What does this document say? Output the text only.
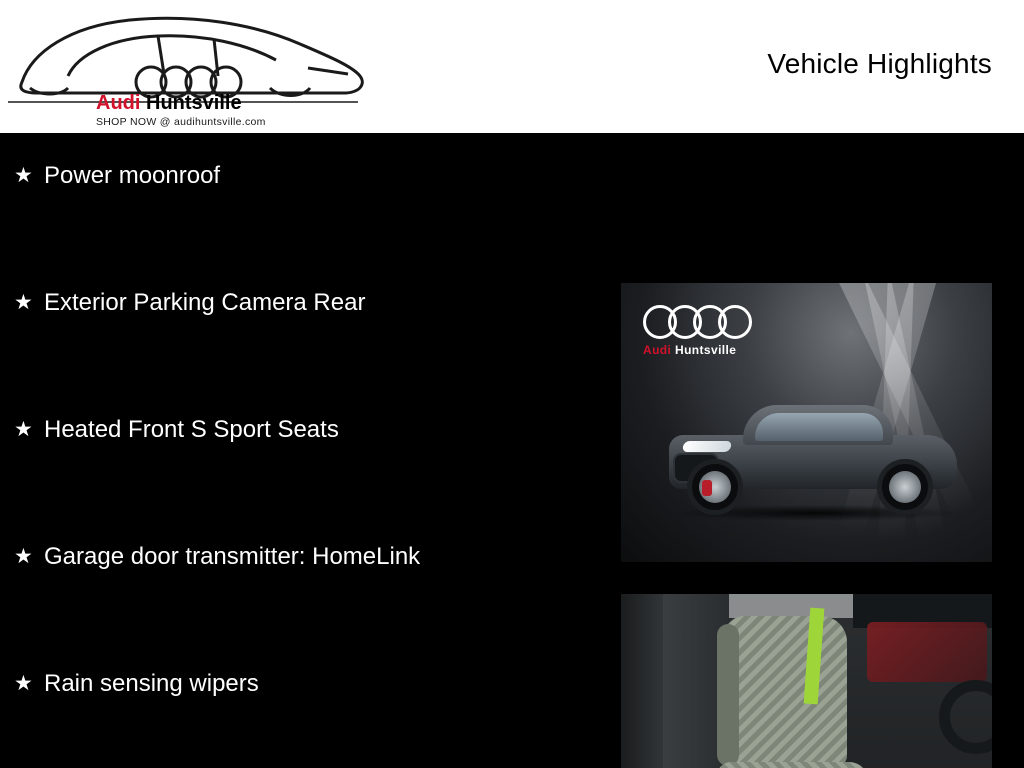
Audi Huntsville
SHOP NOW @ audihuntsville.com
Vehicle Highlights
★ Power moonroof
★ Exterior Parking Camera Rear
★ Heated Front S Sport Seats
★ Garage door transmitter: HomeLink
★ Rain sensing wipers
Audi Huntsville
